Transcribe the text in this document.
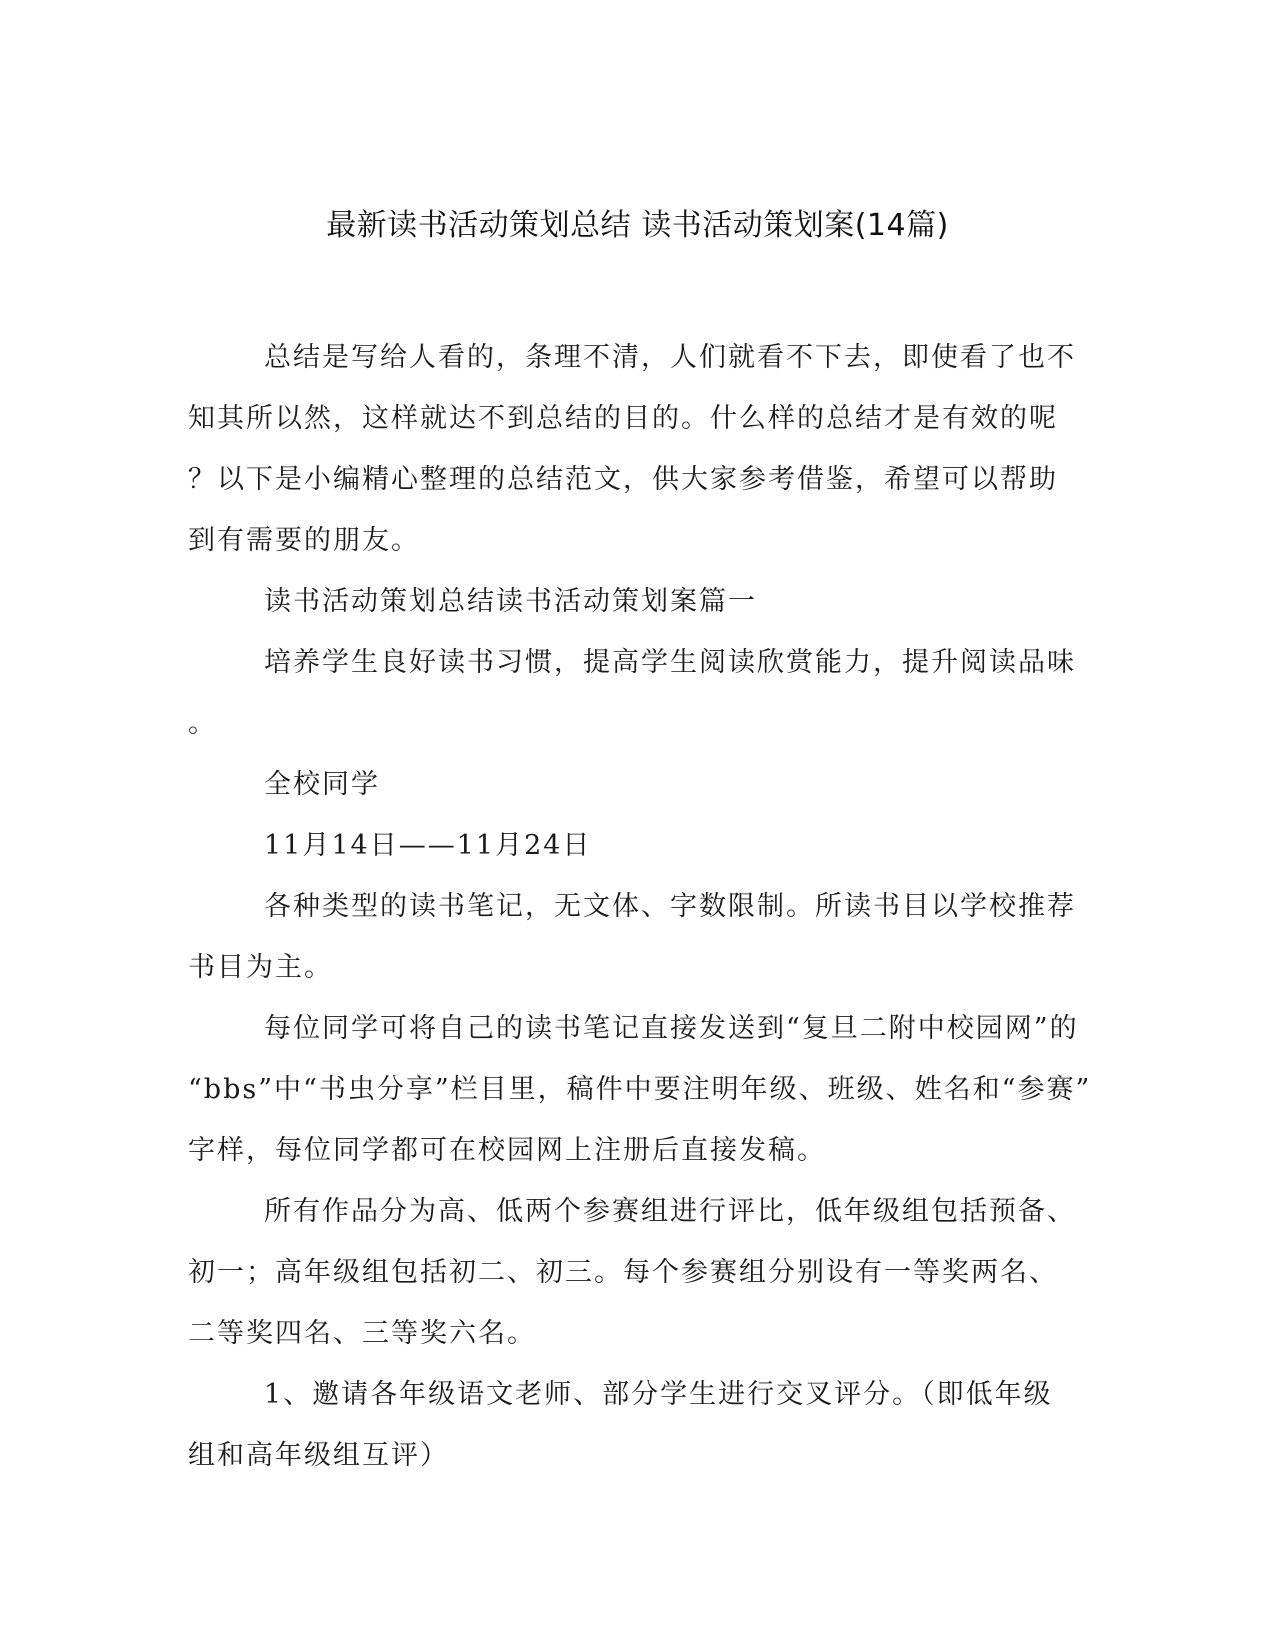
最新读书活动策划总结 读书活动策划案(14篇)
总结是写给人看的，条理不清，人们就看不下去，即使看了也不
知其所以然，这样就达不到总结的目的。什么样的总结才是有效的呢
？以下是小编精心整理的总结范文，供大家参考借鉴，希望可以帮助
到有需要的朋友。
读书活动策划总结读书活动策划案篇一
培养学生良好读书习惯，提高学生阅读欣赏能力，提升阅读品味
。
全校同学
11月14日——11月24日
各种类型的读书笔记，无文体、字数限制。所读书目以学校推荐
书目为主。
每位同学可将自己的读书笔记直接发送到“复旦二附中校园网”的
“bbs”中“书虫分享”栏目里，稿件中要注明年级、班级、姓名和“参赛”
字样，每位同学都可在校园网上注册后直接发稿。
所有作品分为高、低两个参赛组进行评比，低年级组包括预备、
初一；高年级组包括初二、初三。每个参赛组分别设有一等奖两名、
二等奖四名、三等奖六名。
1、邀请各年级语文老师、部分学生进行交叉评分。（即低年级
组和高年级组互评）
